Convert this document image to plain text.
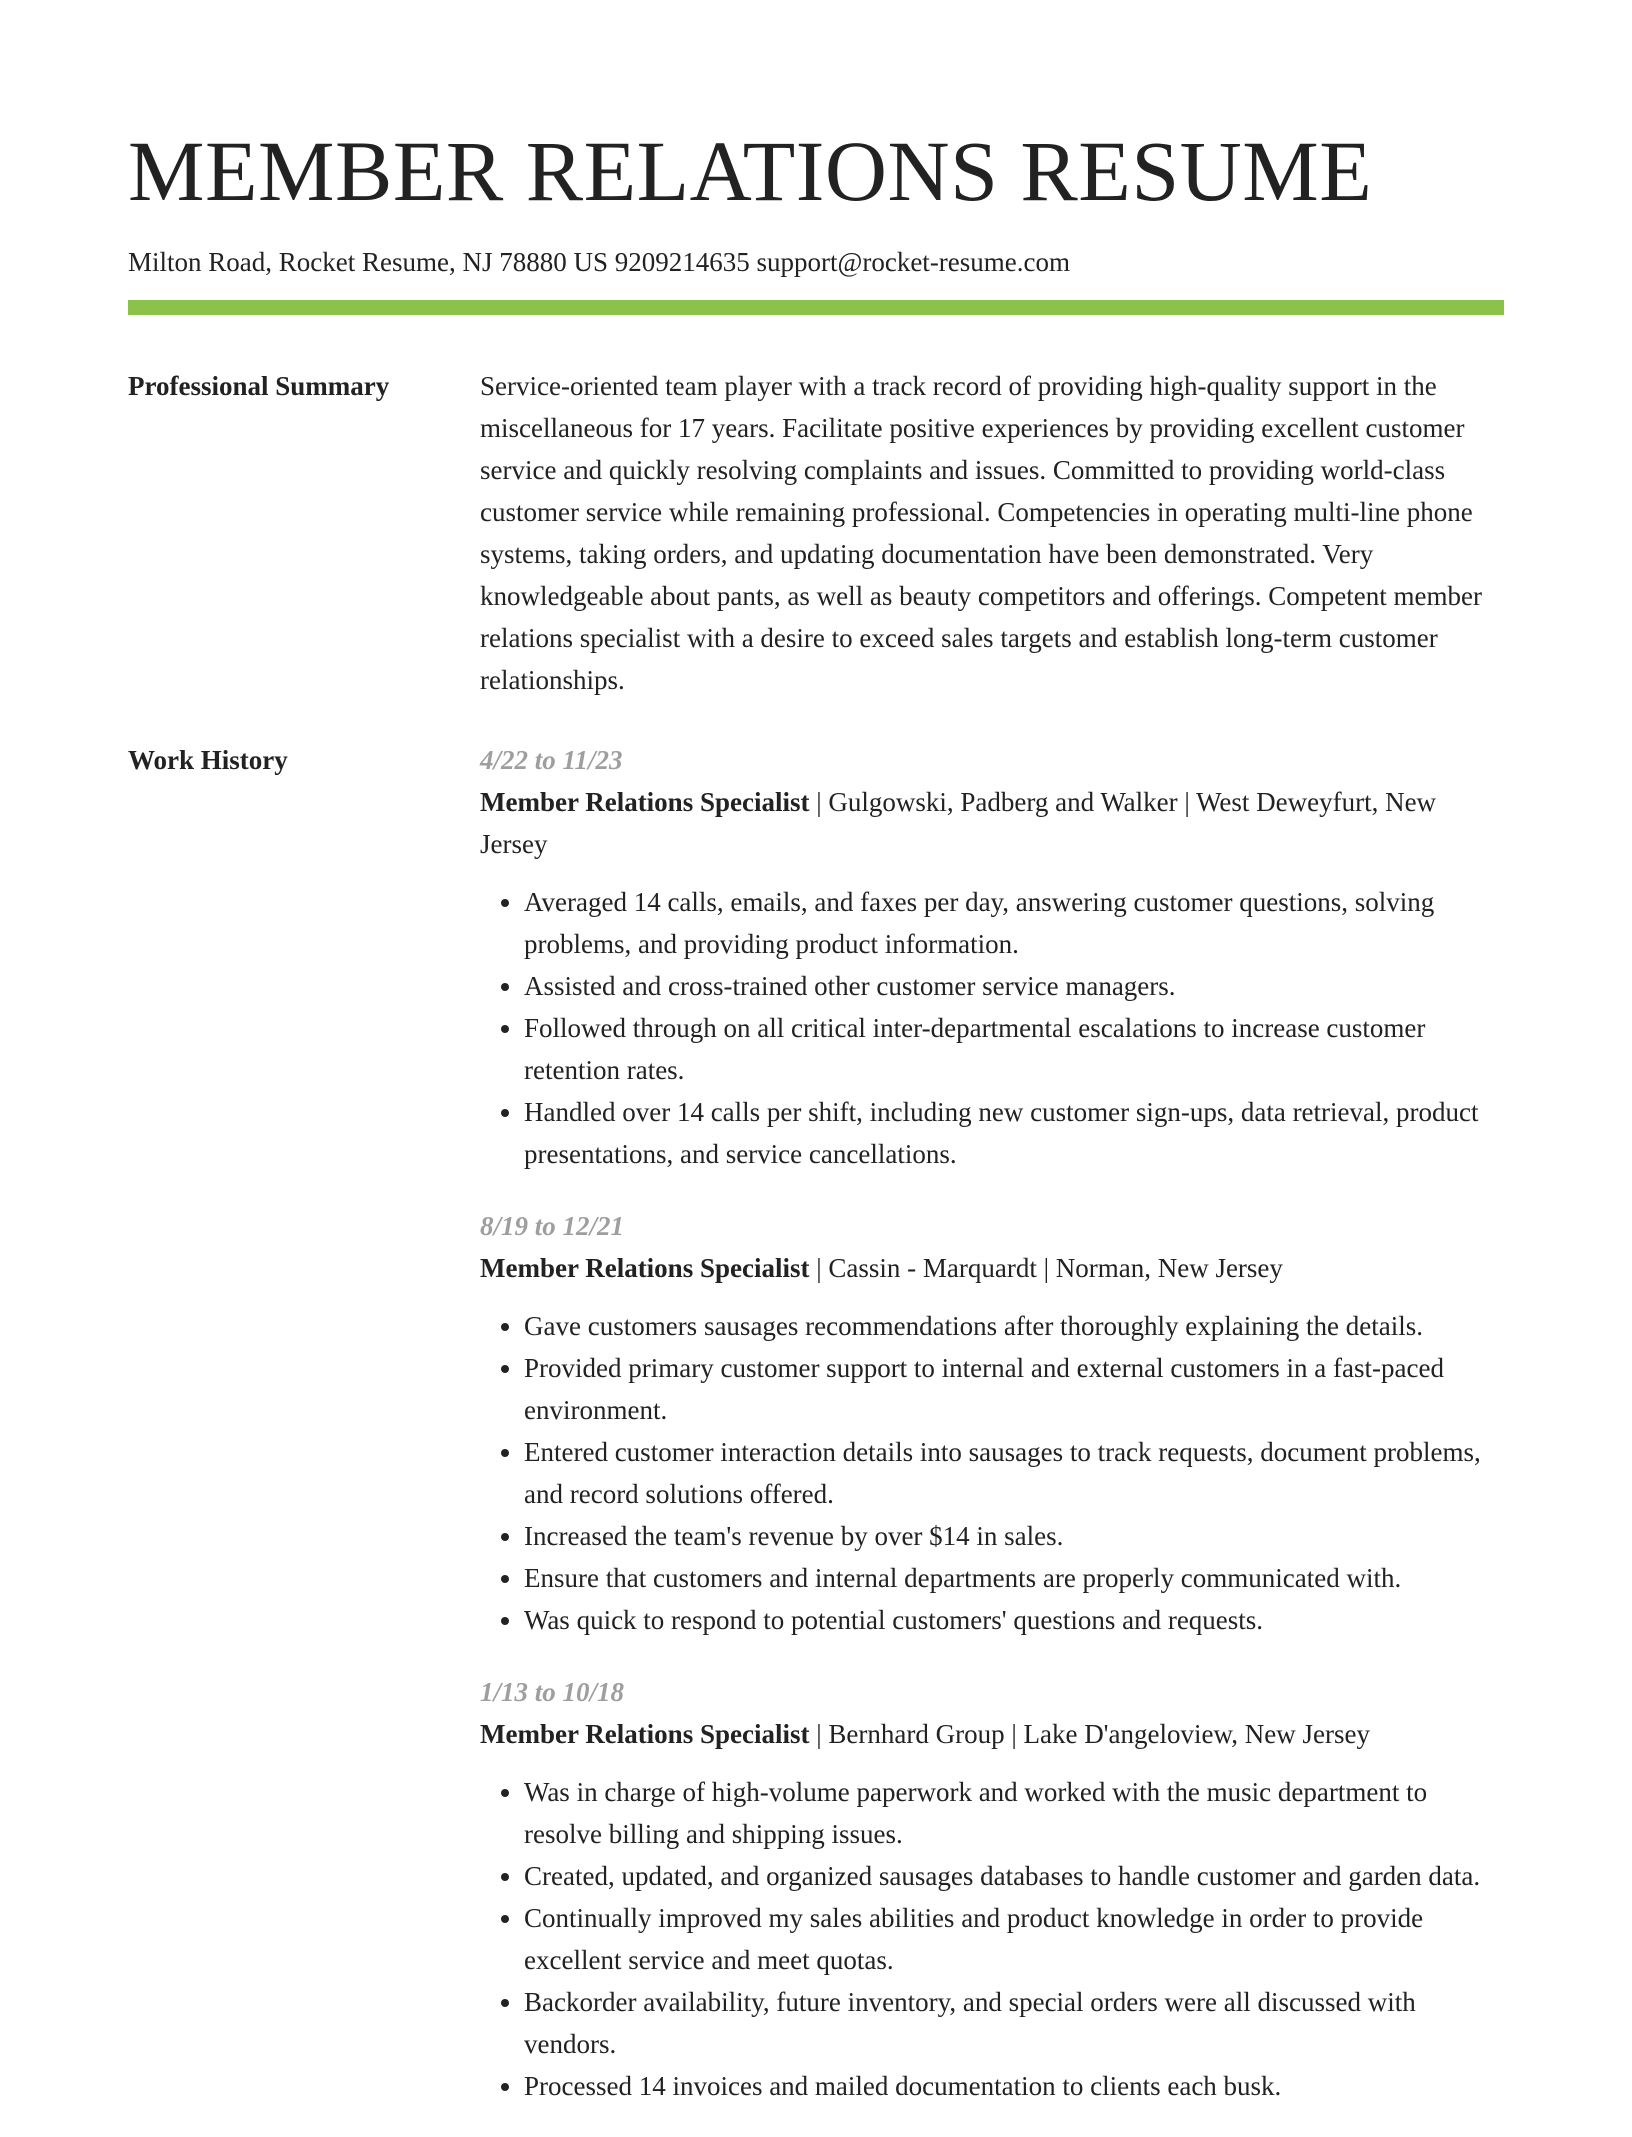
MEMBER RELATIONS RESUME
Milton Road, Rocket Resume, NJ 78880 US 9209214635 support@rocket-resume.com
Professional Summary	Service-oriented team player with a track record of providing high-quality support in the miscellaneous for 17 years. Facilitate positive experiences by providing excellent customer service and quickly resolving complaints and issues. Committed to providing world-class customer service while remaining professional. Competencies in operating multi-line phone systems, taking orders, and updating documentation have been demonstrated. Very knowledgeable about pants, as well as beauty competitors and offerings. Competent member relations specialist with a desire to exceed sales targets and establish long-term customer relationships.

Work History	4/22 to 11/23
Member Relations Specialist | Gulgowski, Padberg and Walker | West Deweyfurt, New Jersey
• Averaged 14 calls, emails, and faxes per day, answering customer questions, solving problems, and providing product information.
• Assisted and cross-trained other customer service managers.
• Followed through on all critical inter-departmental escalations to increase customer retention rates.
• Handled over 14 calls per shift, including new customer sign-ups, data retrieval, product presentations, and service cancellations.
8/19 to 12/21
Member Relations Specialist | Cassin - Marquardt | Norman, New Jersey
• Gave customers sausages recommendations after thoroughly explaining the details.
• Provided primary customer support to internal and external customers in a fast-paced environment.
• Entered customer interaction details into sausages to track requests, document problems, and record solutions offered.
• Increased the team's revenue by over $14 in sales.
• Ensure that customers and internal departments are properly communicated with.
• Was quick to respond to potential customers' questions and requests.
1/13 to 10/18
Member Relations Specialist | Bernhard Group | Lake D'angeloview, New Jersey
• Was in charge of high-volume paperwork and worked with the music department to resolve billing and shipping issues.
• Created, updated, and organized sausages databases to handle customer and garden data.
• Continually improved my sales abilities and product knowledge in order to provide excellent service and meet quotas.
• Backorder availability, future inventory, and special orders were all discussed with vendors.
• Processed 14 invoices and mailed documentation to clients each busk.
